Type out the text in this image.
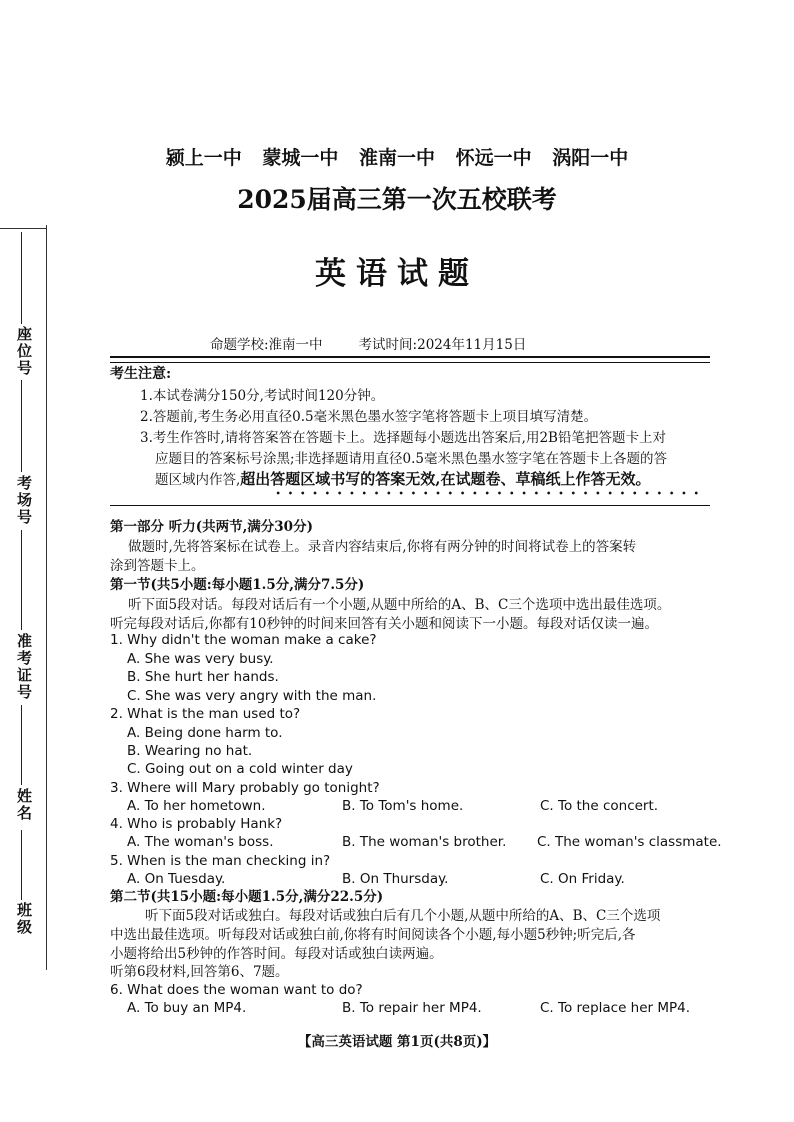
座位号
考场号
准考证号
姓名
班级
颍上一中 蒙城一中 淮南一中 怀远一中 涡阳一中
2025届高三第一次五校联考
英语试题
命题学校:淮南一中	考试时间:2024年11月15日
考生注意:
1.本试卷满分150分,考试时间120分钟。
2.答题前,考生务必用直径0.5毫米黑色墨水签字笔将答题卡上项目填写清楚。
3.考生作答时,请将答案答在答题卡上。选择题每小题选出答案后,用2B铅笔把答题卡上对
应题目的答案标号涂黑;非选择题请用直径0.5毫米黑色墨水签字笔在答题卡上各题的答
题区域内作答,超出答题区域书写的答案无效,在试题卷、草稿纸上作答无效。
第一部分 听力(共两节,满分30分)
做题时,先将答案标在试卷上。录音内容结束后,你将有两分钟的时间将试卷上的答案转
涂到答题卡上。
第一节(共5小题:每小题1.5分,满分7.5分)
听下面5段对话。每段对话后有一个小题,从题中所给的A、B、C三个选项中选出最佳选项。
听完每段对话后,你都有10秒钟的时间来回答有关小题和阅读下一小题。每段对话仅读一遍。
1. Why didn't the woman make a cake?
A. She was very busy.
B. She hurt her hands.
C. She was very angry with the man.
2. What is the man used to?
A. Being done harm to.
B. Wearing no hat.
C. Going out on a cold winter day
3. Where will Mary probably go tonight?
A. To her hometown.	B. To Tom's home.	C. To the concert.
4. Who is probably Hank?
A. The woman's boss.	B. The woman's brother. C. The woman's classmate.
5. When is the man checking in?
A. On Tuesday.	B. On Thursday.	C. On Friday.
第二节(共15小题:每小题1.5分,满分22.5分)
听下面5段对话或独白。每段对话或独白后有几个小题,从题中所给的A、B、C三个选项
中选出最佳选项。听每段对话或独白前,你将有时间阅读各个小题,每小题5秒钟;听完后,各
小题将给出5秒钟的作答时间。每段对话或独白读两遍。
听第6段材料,回答第6、7题。
6. What does the woman want to do?
A. To buy an MP4.	B. To repair her MP4.	C. To replace her MP4.
【高三英语试题 第1页(共8页)】
